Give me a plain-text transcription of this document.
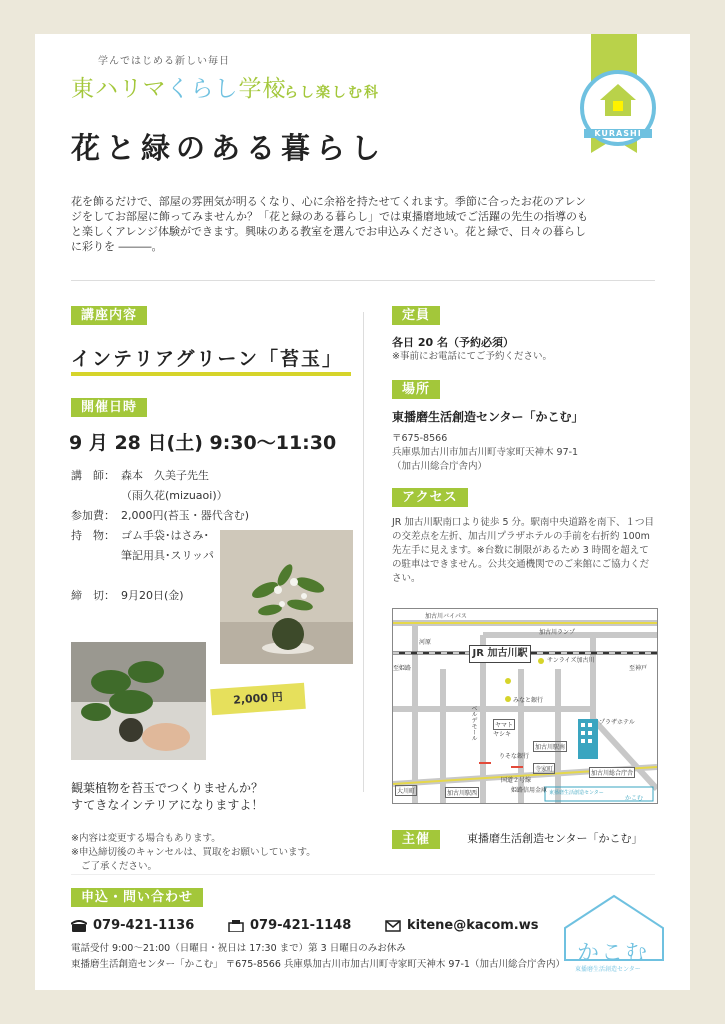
学んではじめる新しい毎日
東ハリマくらし学校
くらし楽しむ科
花と緑のある暮らし	KURASHI
花を飾るだけで、部屋の雰囲気が明るくなり、心に余裕を持たせてくれます。季節に合ったお花のアレンジをしてお部屋に飾ってみませんか？「花と緑のある暮らし」では東播磨地域でご活躍の先生の指導のもと楽しくアレンジ体験ができます。興味のある教室を選んでお申込みください。花と緑で、日々の暮らしに彩りを ―――。
講座内容
インテリアグリーン「苔玉」
開催日時
9 月 28 日(土) 9:30〜11:30
講　師： 森本　久美子先生
（雨久花(mizuaoi)）
参加費： 2,000円(苔玉・器代含む)
持　物： ゴム手袋･はさみ･
筆記用具･スリッパ
締　切： 9月20日(金)
2,000 円
観葉植物を苔玉でつくりませんか？
すてきなインテリアになりますよ！
※内容は変更する場合もあります。
※申込締切後のキャンセルは、買取をお願いしています。
ご了承ください。
定員
各日 20 名（予約必須）
※事前にお電話にてご予約ください。
場所
東播磨生活創造センター「かこむ」
〒675-8566
兵庫県加古川市加古川町寺家町天神木 97-1
（加古川総合庁舎内）
アクセス
JR 加古川駅南口より徒歩 5 分。駅南中央道路を南下、１つ目の交差点を左折、加古川プラザホテルの手前を右折約 100m 先左手に見えます。※台数に制限があるため 3 時間を超えての駐車はできません。公共交通機関でのご来館にご協力ください。
JR 加古川駅
加古川バイパス
加古川ランプ
河原
至姫路	至神戸
サンライズ加古川
ヤマト
ヤシキ
ベルデモール
みなと銀行
りそな銀行
加古川駅南
寺家町
プラザホテル
姫路信用金庫
大川町	加古川駅西
国道２号線
加古川総合庁舎
東播磨生活創造センター
かこむ
主催	東播磨生活創造センター「かこむ」
申込・問い合わせ
079-421-1136	079-421-1148	kitene@kacom.ws
電話受付 9:00〜21:00（日曜日・祝日は 17:30 まで）第 3 日曜日のみお休み
東播磨生活創造センター「かこむ」 〒675-8566 兵庫県加古川市加古川町寺家町天神木 97-1（加古川総合庁舎内） かこむ
東播磨生活創造センター
